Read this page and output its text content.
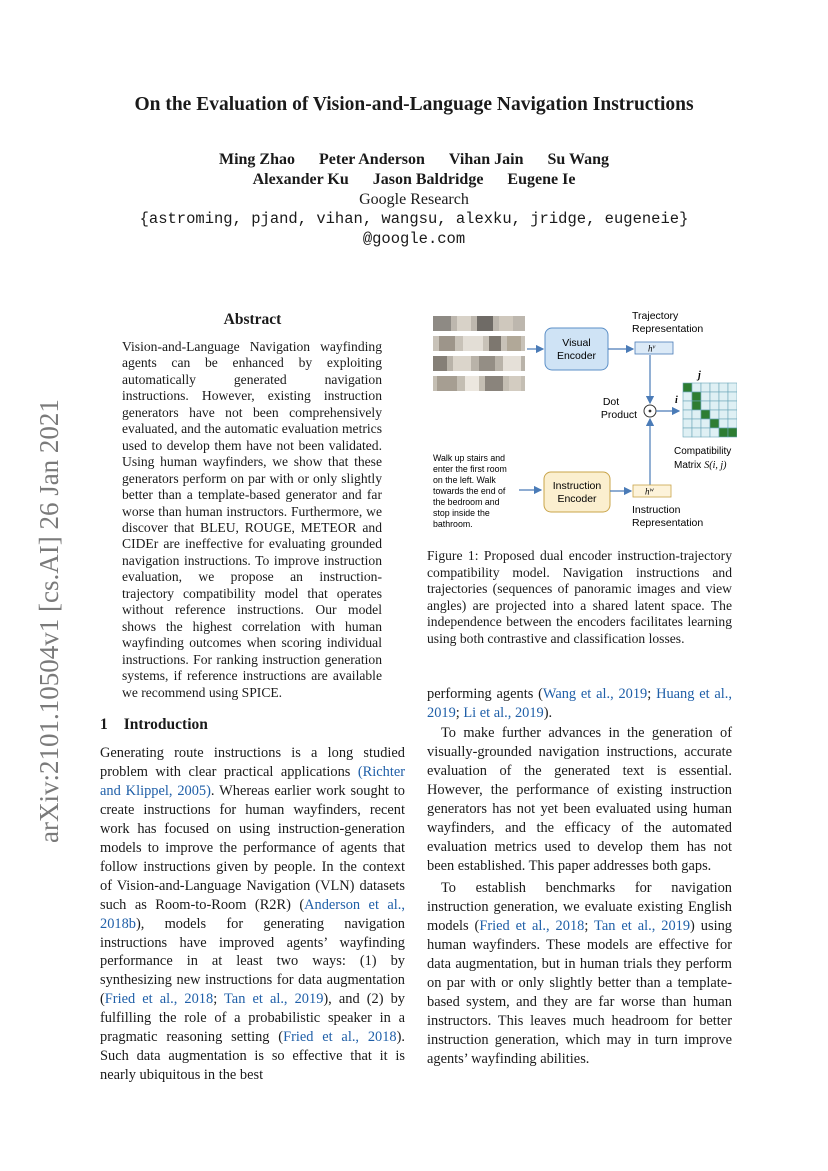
arXiv:2101.10504v1 [cs.AI] 26 Jan 2021
On the Evaluation of Vision-and-Language Navigation Instructions
Ming Zhao Peter Anderson Vihan Jain Su Wang
Alexander Ku Jason Baldridge Eugene Ie
Google Research
{astroming, pjand, vihan, wangsu, alexku, jridge, eugeneie}
@google.com
Abstract

Vision-and-Language Navigation wayfinding agents can be enhanced by exploiting automatically generated navigation instructions. However, existing instruction generators have not been comprehensively evaluated, and the automatic evaluation metrics used to develop them have not been validated. Using human wayfinders, we show that these generators perform on par with or only slightly better than a template-based generator and far worse than human instructors. Furthermore, we discover that BLEU, ROUGE, METEOR and CIDEr are ineffective for evaluating grounded navigation instructions. To improve instruction evaluation, we propose an instruction-trajectory compatibility model that operates without reference instructions. Our model shows the highest correlation with human wayfinding outcomes when scoring individual instructions. For ranking instruction generation systems, if reference instructions are available we recommend using SPICE.

1 Introduction

Generating route instructions is a long studied problem with clear practical applications (Richter and Klippel, 2005). Whereas earlier work sought to create instructions for human wayfinders, recent work has focused on using instruction-generation models to improve the performance of agents that follow instructions given by people. In the context of Vision-and-Language Navigation (VLN) datasets such as Room-to-Room (R2R) (Anderson et al., 2018b), models for generating navigation instructions have improved agents’ wayfinding performance in at least two ways: (1) by synthesizing new instructions for data augmentation (Fried et al., 2018; Tan et al., 2019), and (2) by fulfilling the role of a probabilistic speaker in a pragmatic reasoning setting (Fried et al., 2018). Such data augmentation is so effective that it is nearly ubiquitous in the best

Visual
Encoder
Trajectory
Representation
$h^v$
Dot
Product
i
j
Compatibility
Matrix S(i, j)
Walk up stairs and
enter the first room
on the left. Walk
towards the end of
the bedroom and
stop inside the
bathroom.
Instruction
Encoder
$h^w$
Instruction
Representation

Figure 1: Proposed dual encoder instruction-trajectory compatibility model. Navigation instructions and trajectories (sequences of panoramic images and view angles) are projected into a shared latent space. The independence between the encoders facilitates learning using both contrastive and classification losses.

performing agents (Wang et al., 2019; Huang et al., 2019; Li et al., 2019).

To make further advances in the generation of visually-grounded navigation instructions, accurate evaluation of the generated text is essential. However, the performance of existing instruction generators has not yet been evaluated using human wayfinders, and the efficacy of the automated evaluation metrics used to develop them has not been established. This paper addresses both gaps.

To establish benchmarks for navigation instruction generation, we evaluate existing English models (Fried et al., 2018; Tan et al., 2019) using human wayfinders. These models are effective for data augmentation, but in human trials they perform on par with or only slightly better than a template-based system, and they are far worse than human instructors. This leaves much headroom for better instruction generation, which may in turn improve agents’ wayfinding abilities.
